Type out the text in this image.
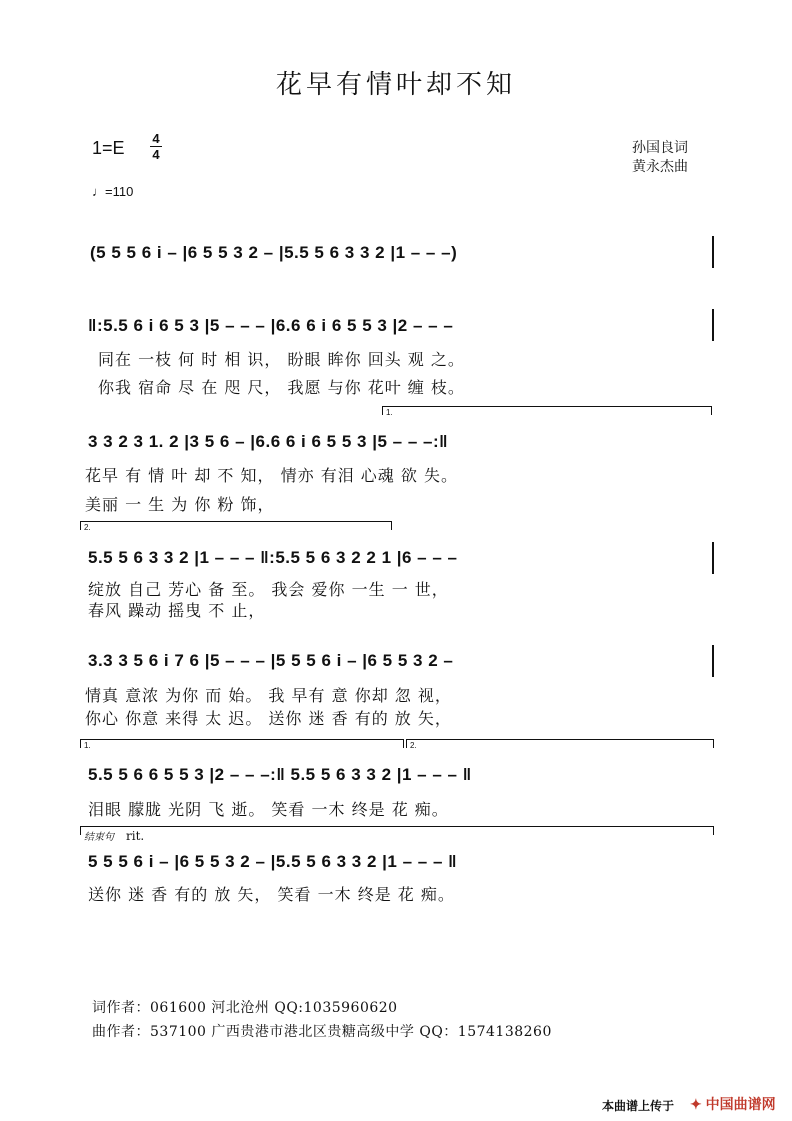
花早有情叶却不知
1=E 4
4	孙国良词
黄永杰曲
♩=110
(5 5 5 6 i – |6 5 5 3 2 – |5.5 5 6 3 3 2 |1 – – –)
‖:5.5 6 i 6 5 3 |5 – – – |6.6 6 i 6 5 5 3 |2 – – –
同在 一枝 何 时 相 识， 盼眼 眸你 回头 观 之。
你我 宿命 尽 在 咫 尺， 我愿 与你 花叶 缠 枝。
1.
3 3 2 3 1. 2 |3 5 6 – |6.6 6 i 6 5 5 3 |5 – – –:‖
花早 有 情 叶 却 不 知， 情亦 有泪 心魂 欲 失。
美丽 一 生 为 你 粉 饰，
2.
5.5 5 6 3 3 2 |1 – – – ‖:5.5 5 6 3 2 2 1 |6 – – –
绽放 自己 芳心 备 至。 我会 爱你 一生 一 世，
春风 躁动 摇曳 不 止，
3.3 3 5 6 i 7 6 |5 – – – |5 5 5 6 i – |6 5 5 3 2 –
情真 意浓 为你 而 始。 我 早有 意 你却 忽 视，
你心 你意 来得 太 迟。 送你 迷 香 有的 放 矢，
1.	2.
5.5 5 6 6 5 5 3 |2 – – –:‖ 5.5 5 6 3 3 2 |1 – – – ‖
泪眼 朦胧 光阴 飞 逝。 笑看 一木 终是 花 痴。
结束句 rit.
5 5 5 6 i – |6 5 5 3 2 – |5.5 5 6 3 3 2 |1 – – – ‖
送你 迷 香 有的 放 矢， 笑看 一木 终是 花 痴。
词作者：061600 河北沧州 QQ:1035960620
曲作者：537100 广西贵港市港北区贵糖高级中学 QQ：1574138260
本曲谱上传于 ✦ 中国曲谱网
